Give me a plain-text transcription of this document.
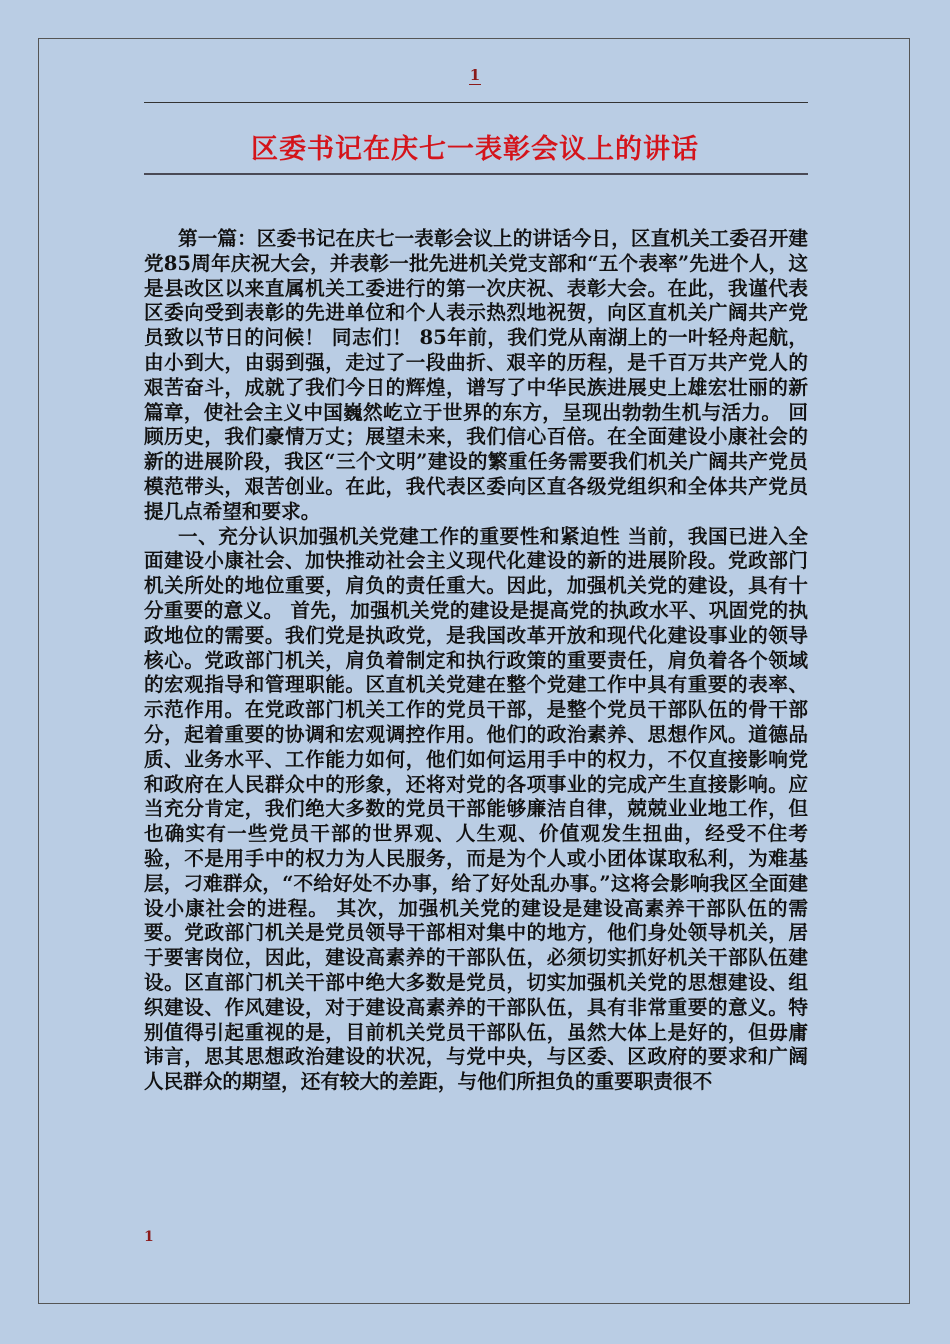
1
区委书记在庆七一表彰会议上的讲话

第一篇：区委书记在庆七一表彰会议上的讲话今日，区直机关工委召开建党85周年庆祝大会，并表彰一批先进机关党支部和“五个表率”先进个人，这是县改区以来直属机关工委进行的第一次庆祝、表彰大会。在此，我谨代表区委向受到表彰的先进单位和个人表示热烈地祝贺，向区直机关广阔共产党员致以节日的问候！ 同志们！ 85年前，我们党从南湖上的一叶轻舟起航，由小到大，由弱到强，走过了一段曲折、艰辛的历程，是千百万共产党人的艰苦奋斗，成就了我们今日的辉煌，谱写了中华民族进展史上雄宏壮丽的新篇章，使社会主义中国巍然屹立于世界的东方，呈现出勃勃生机与活力。 回顾历史，我们豪情万丈；展望未来，我们信心百倍。在全面建设小康社会的新的进展阶段，我区“三个文明”建设的繁重任务需要我们机关广阔共产党员模范带头，艰苦创业。在此，我代表区委向区直各级党组织和全体共产党员提几点希望和要求。

一、充分认识加强机关党建工作的重要性和紧迫性 当前，我国已进入全面建设小康社会、加快推动社会主义现代化建设的新的进展阶段。党政部门机关所处的地位重要，肩负的责任重大。因此，加强机关党的建设，具有十分重要的意义。 首先，加强机关党的建设是提高党的执政水平、巩固党的执政地位的需要。我们党是执政党，是我国改革开放和现代化建设事业的领导核心。党政部门机关，肩负着制定和执行政策的重要责任，肩负着各个领域的宏观指导和管理职能。区直机关党建在整个党建工作中具有重要的表率、示范作用。在党政部门机关工作的党员干部，是整个党员干部队伍的骨干部分，起着重要的协调和宏观调控作用。他们的政治素养、思想作风。道德品质、业务水平、工作能力如何，他们如何运用手中的权力，不仅直接影响党和政府在人民群众中的形象，还将对党的各项事业的完成产生直接影响。应当充分肯定，我们绝大多数的党员干部能够廉洁自律，兢兢业业地工作，但也确实有一些党员干部的世界观、人生观、价值观发生扭曲，经受不住考验，不是用手中的权力为人民服务，而是为个人或小团体谋取私利，为难基层，刁难群众，“不给好处不办事，给了好处乱办事。”这将会影响我区全面建设小康社会的进程。 其次，加强机关党的建设是建设高素养干部队伍的需要。党政部门机关是党员领导干部相对集中的地方，他们身处领导机关，居于要害岗位，因此，建设高素养的干部队伍，必须切实抓好机关干部队伍建设。区直部门机关干部中绝大多数是党员，切实加强机关党的思想建设、组织建设、作风建设，对于建设高素养的干部队伍，具有非常重要的意义。特别值得引起重视的是，目前机关党员干部队伍，虽然大体上是好的，但毋庸讳言，思其思想政治建设的状况，与党中央，与区委、区政府的要求和广阔人民群众的期望，还有较大的差距，与他们所担负的重要职责很不

1
